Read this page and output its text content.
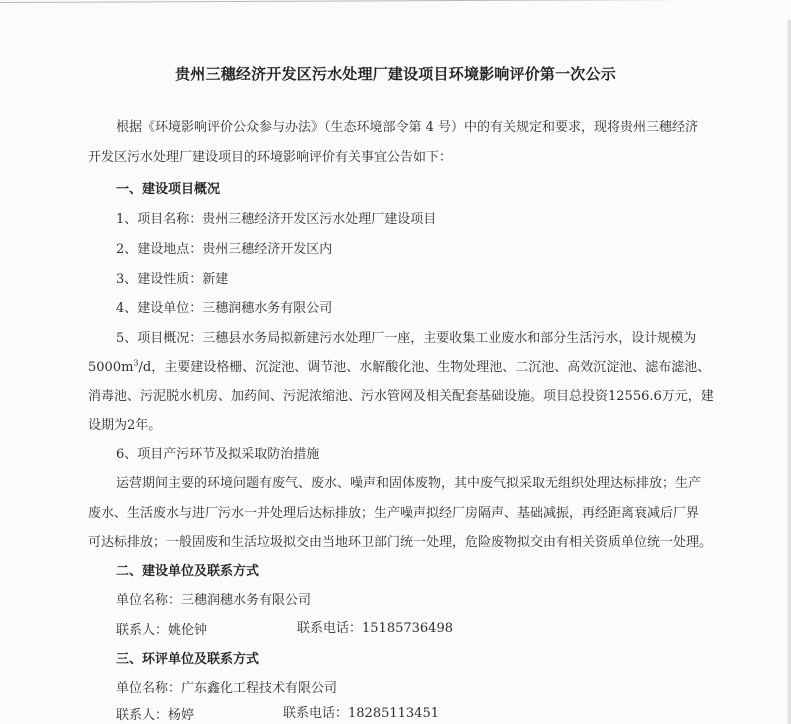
贵州三穗经济开发区污水处理厂建设项目环境影响评价第一次公示
根据《环境影响评价公众参与办法》（生态环境部令第 4 号）中的有关规定和要求，现将贵州三穗经济
开发区污水处理厂建设项目的环境影响评价有关事宜公告如下：
一、建设项目概况
1、项目名称：贵州三穗经济开发区污水处理厂建设项目
2、建设地点：贵州三穗经济开发区内
3、建设性质：新建
4、建设单位：三穗润穗水务有限公司
5、项目概况：三穗县水务局拟新建污水处理厂一座，主要收集工业废水和部分生活污水，设计规模为
$5000m^3/d$，主要建设格栅、沉淀池、调节池、水解酸化池、生物处理池、二沉池、高效沉淀池、滤布滤池、
消毒池、污泥脱水机房、加药间、污泥浓缩池、污水管网及相关配套基础设施。项目总投资12556.6万元，建
设期为2年。
6、项目产污环节及拟采取防治措施
运营期间主要的环境问题有废气、废水、噪声和固体废物，其中废气拟采取无组织处理达标排放；生产
废水、生活废水与进厂污水一并处理后达标排放；生产噪声拟经厂房隔声、基础减振，再经距离衰减后厂界
可达标排放；一般固废和生活垃圾拟交由当地环卫部门统一处理，危险废物拟交由有相关资质单位统一处理。
二、建设单位及联系方式
单位名称：三穗润穗水务有限公司
联系人：姚伦钟	联系电话：15185736498
三、环评单位及联系方式
单位名称：广东鑫化工程技术有限公司
联系人：杨婷	联系电话：18285113451
